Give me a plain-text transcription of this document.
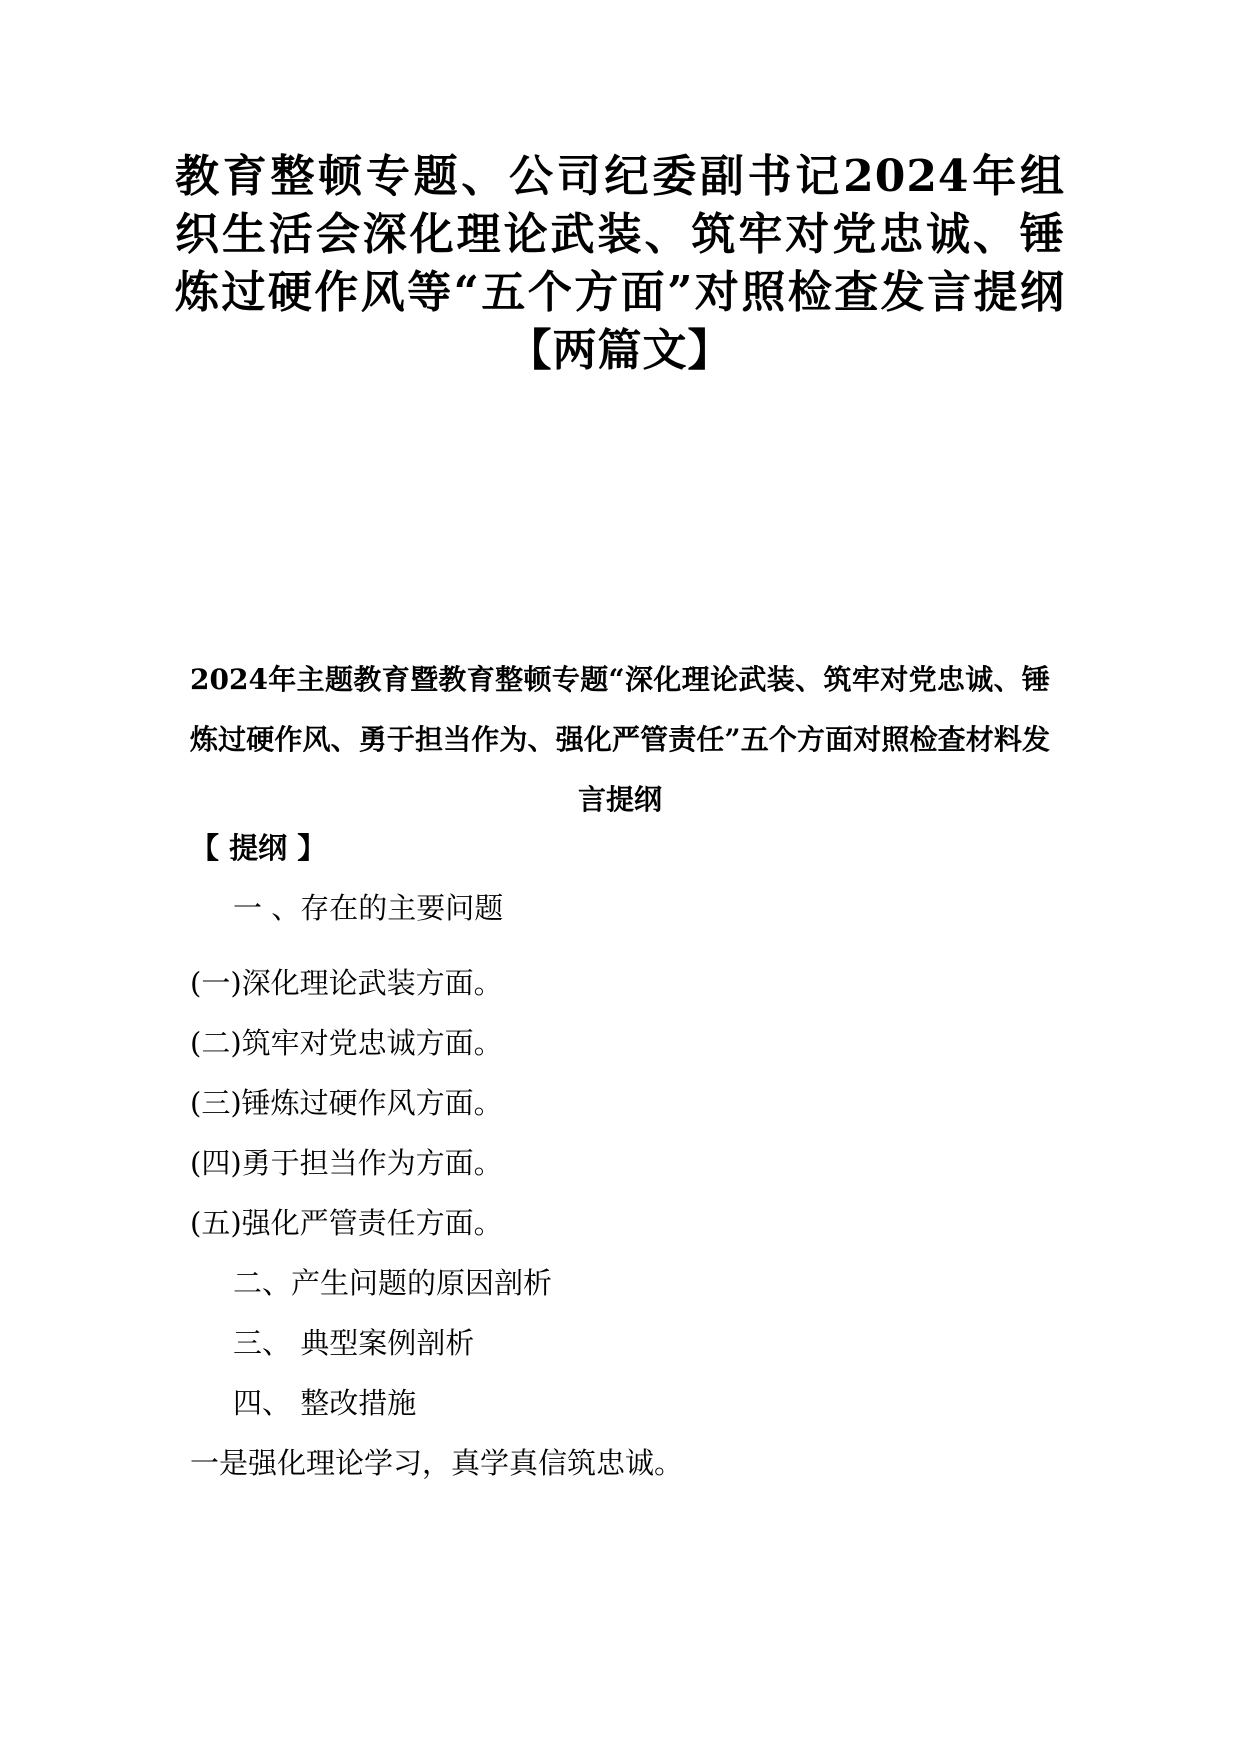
教育整顿专题、公司纪委副书记2024年组织生活会深化理论武装、筑牢对党忠诚、锤炼过硬作风等“五个方面”对照检查发言提纲【两篇文】
2024年主题教育暨教育整顿专题“深化理论武装、筑牢对党忠诚、锤炼过硬作风、勇于担当作为、强化严管责任”五个方面对照检查材料发言提纲

【 提纲 】

一 、存在的主要问题

(一)深化理论武装方面。

(二)筑牢对党忠诚方面。

(三)锤炼过硬作风方面。

(四)勇于担当作为方面。

(五)强化严管责任方面。

二、产生问题的原因剖析

三、 典型案例剖析

四、 整改措施

一是强化理论学习，真学真信筑忠诚。
